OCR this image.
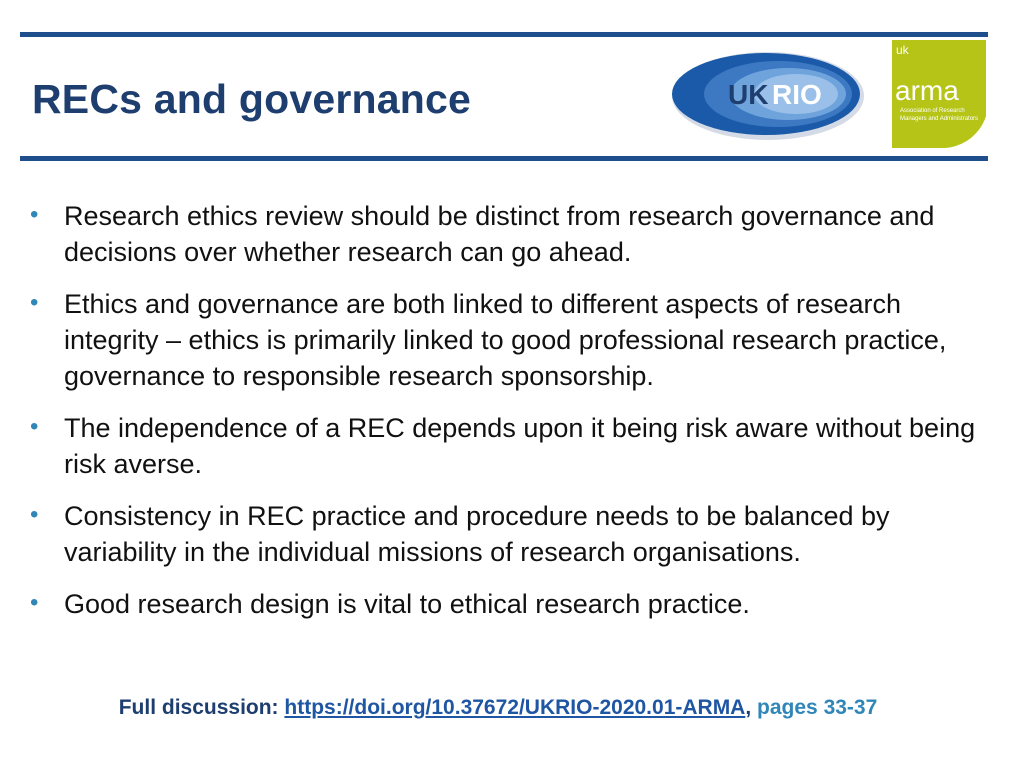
RECs and governance	UK RIO
uk
arma
Association of Research
Managers and Administrators
• Research ethics review should be distinct from research governance and decisions over whether research can go ahead.
• Ethics and governance are both linked to different aspects of research integrity – ethics is primarily linked to good professional research practice, governance to responsible research sponsorship.
• The independence of a REC depends upon it being risk aware without being risk averse.
• Consistency in REC practice and procedure needs to be balanced by variability in the individual missions of research organisations.
• Good research design is vital to ethical research practice.
Full discussion: https://doi.org/10.37672/UKRIO-2020.01-ARMA, pages 33-37
